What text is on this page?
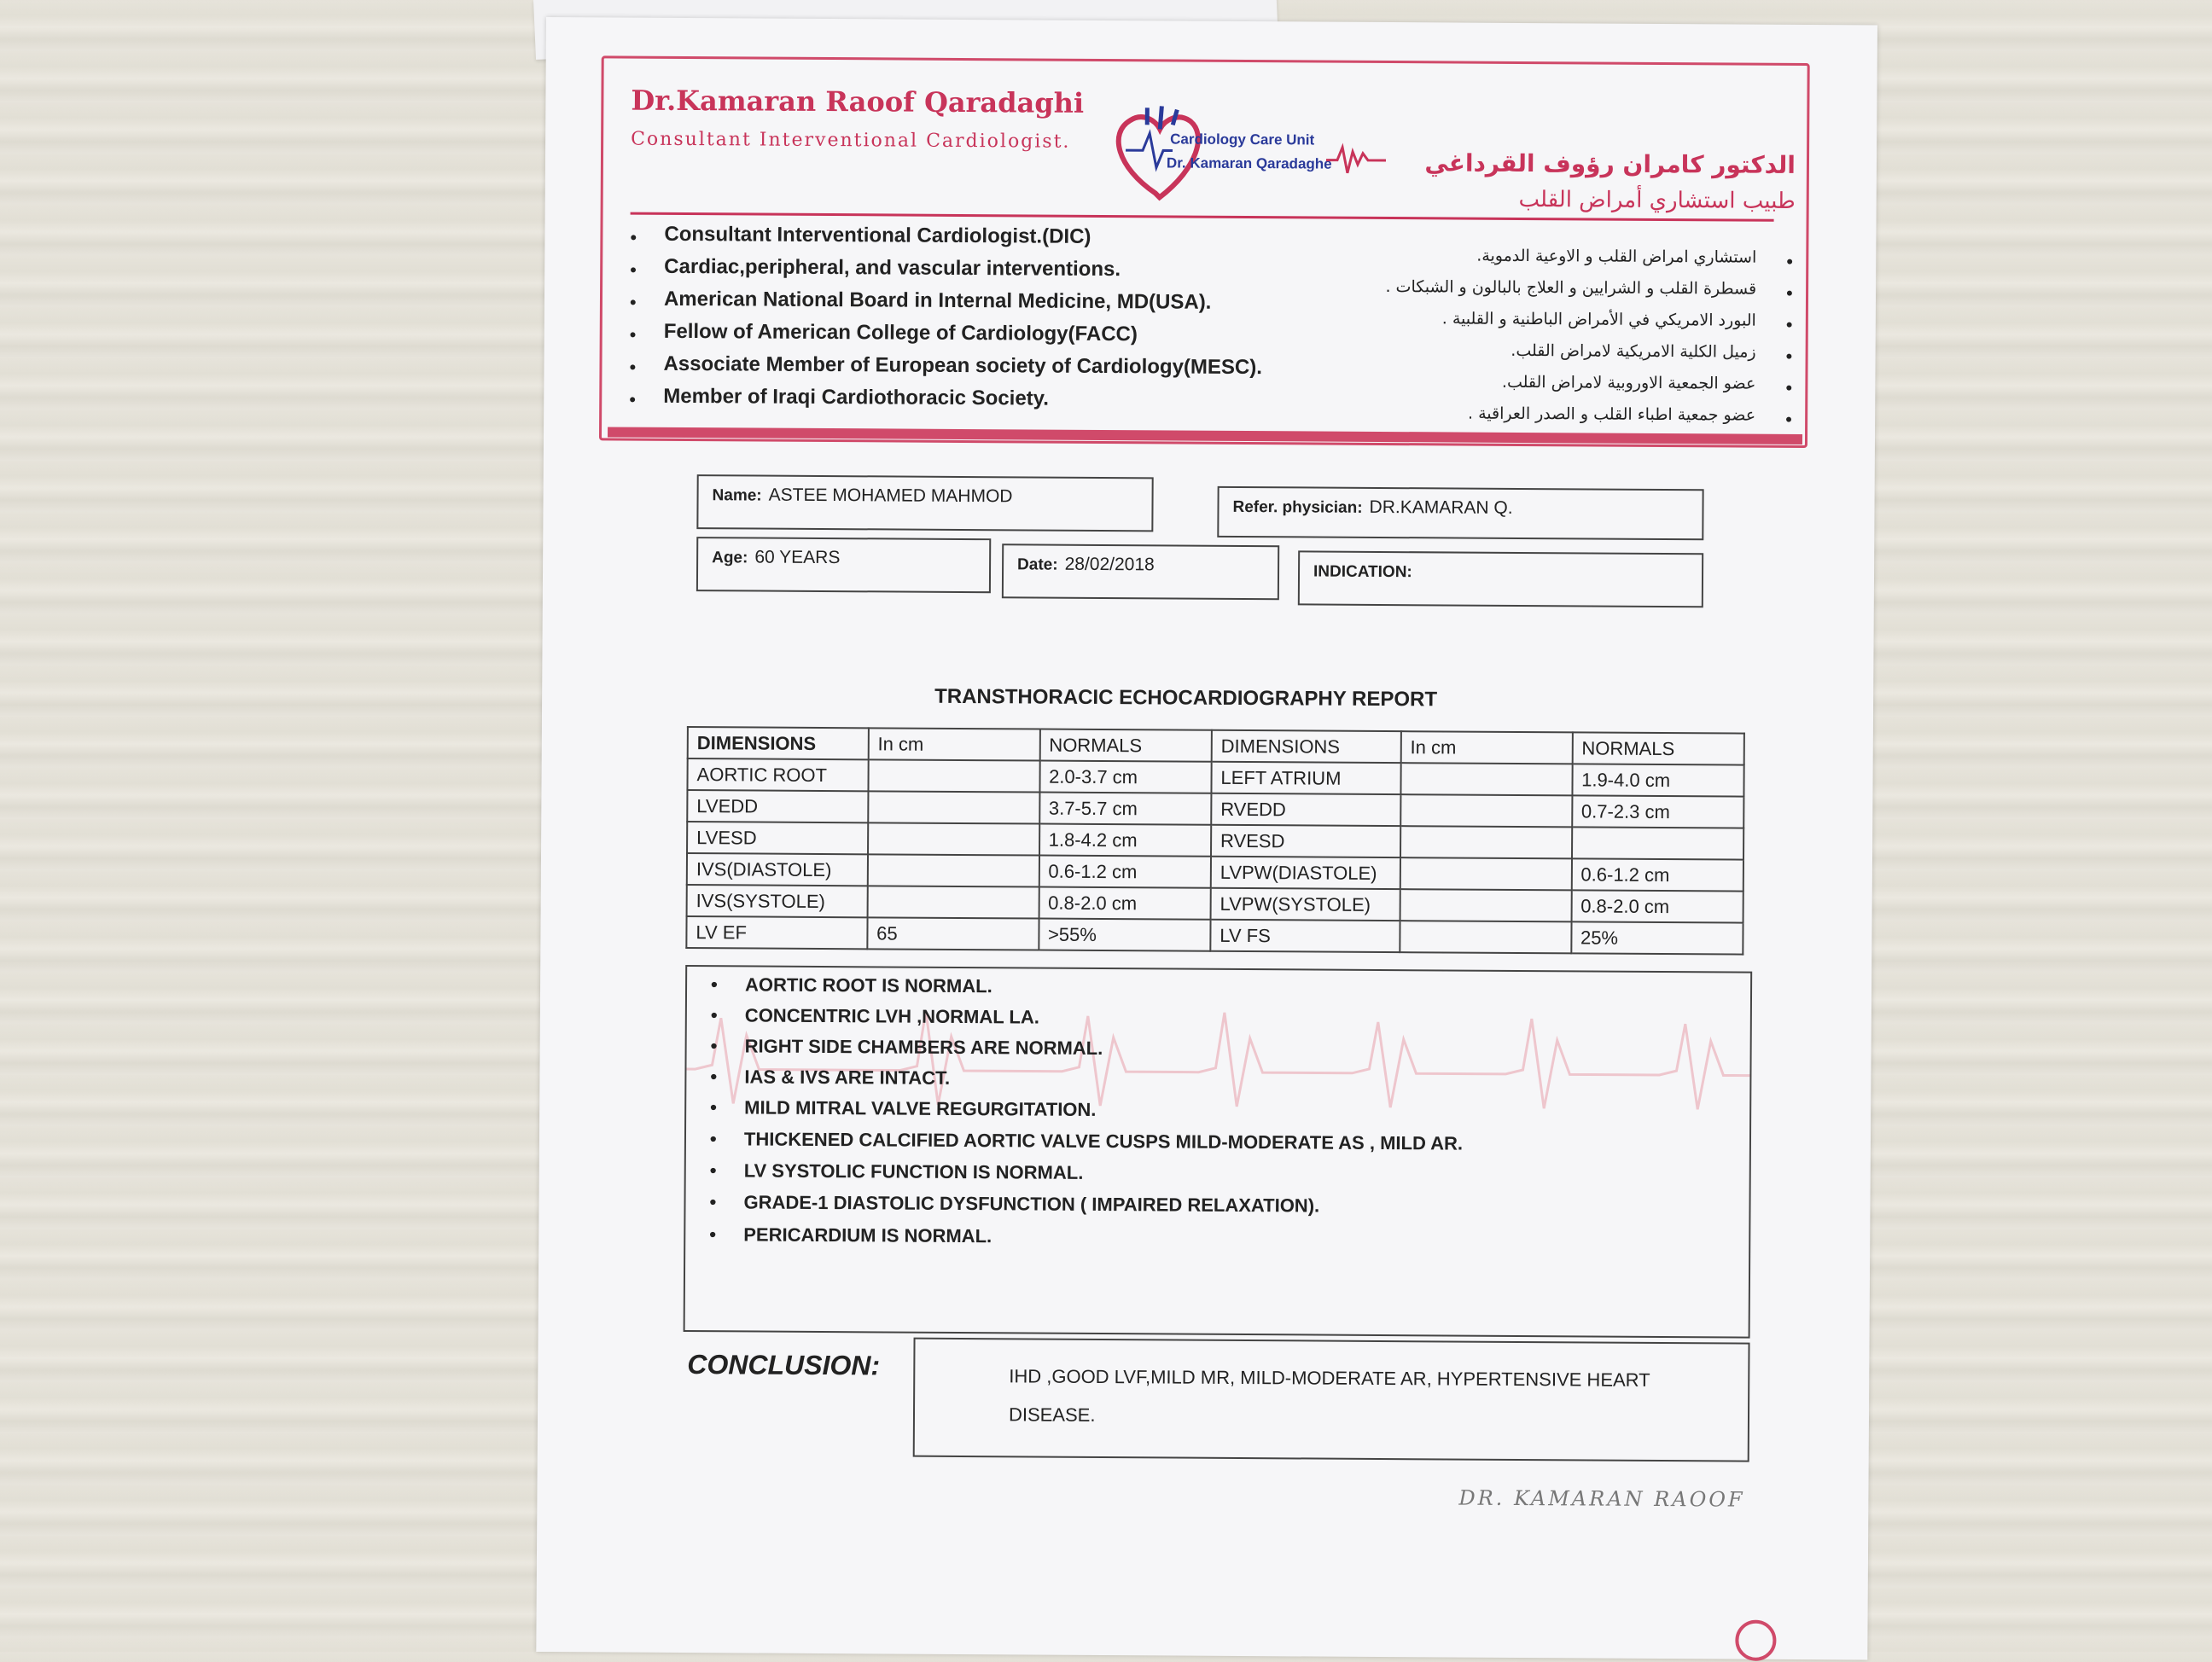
Dr.Kamaran Raoof Qaradaghi
Consultant Interventional Cardiologist.	Cardiology Care Unit
Dr. Kamaran Qaradaghe	الدكتور كامران رؤوف القرداغي
طبيب استشاري أمراض القلب
• Consultant Interventional Cardiologist.(DIC)
• Cardiac,peripheral, and vascular interventions.
• American National Board in Internal Medicine, MD(USA).
• Fellow of American College of Cardiology(FACC)
• Associate Member of European society of Cardiology(MESC).
• Member of Iraqi Cardiothoracic Society.
•
استشاري امراض القلب و الاوعية الدموية.
•
قسطرة القلب و الشرايين و العلاج بالبالون و الشبكات .
•
البورد الامريكي في الأمراض الباطنية و القلبية .
•
زميل الكلية الامريكية لامراض القلب.
•
عضو الجمعية الاوروبية لامراض القلب.
•
عضو جمعية اطباء القلب و الصدر العراقية .
Name: ASTEE MOHAMED MAHMOD
Refer. physician: DR.KAMARAN Q.
Age: 60 YEARS	Date: 28/02/2018	INDICATION:
TRANSTHORACIC ECHOCARDIOGRAPHY REPORT
DIMENSIONS	In cm	NORMALS	DIMENSIONS	In cm	NORMALS
AORTIC ROOT		2.0-3.7 cm	LEFT ATRIUM		1.9-4.0 cm
LVEDD		3.7-5.7 cm	RVEDD		0.7-2.3 cm
LVESD		1.8-4.2 cm	RVESD		
IVS(DIASTOLE)		0.6-1.2 cm	LVPW(DIASTOLE)		0.6-1.2 cm
IVS(SYSTOLE)		0.8-2.0 cm	LVPW(SYSTOLE)		0.8-2.0 cm
LV EF	65	>55%	LV FS		25%
• AORTIC ROOT IS NORMAL.
• CONCENTRIC LVH ,NORMAL LA.
• RIGHT SIDE CHAMBERS ARE NORMAL.
• IAS & IVS ARE INTACT.
• MILD MITRAL VALVE REGURGITATION.
• THICKENED CALCIFIED AORTIC VALVE CUSPS MILD-MODERATE AS , MILD AR.
• LV SYSTOLIC FUNCTION IS NORMAL.
• GRADE-1 DIASTOLIC DYSFUNCTION ( IMPAIRED RELAXATION).
• PERICARDIUM IS NORMAL.
CONCLUSION:	IHD ,GOOD LVF,MILD MR, MILD-MODERATE AR, HYPERTENSIVE HEART DISEASE.
DR. KAMARAN RAOOF
